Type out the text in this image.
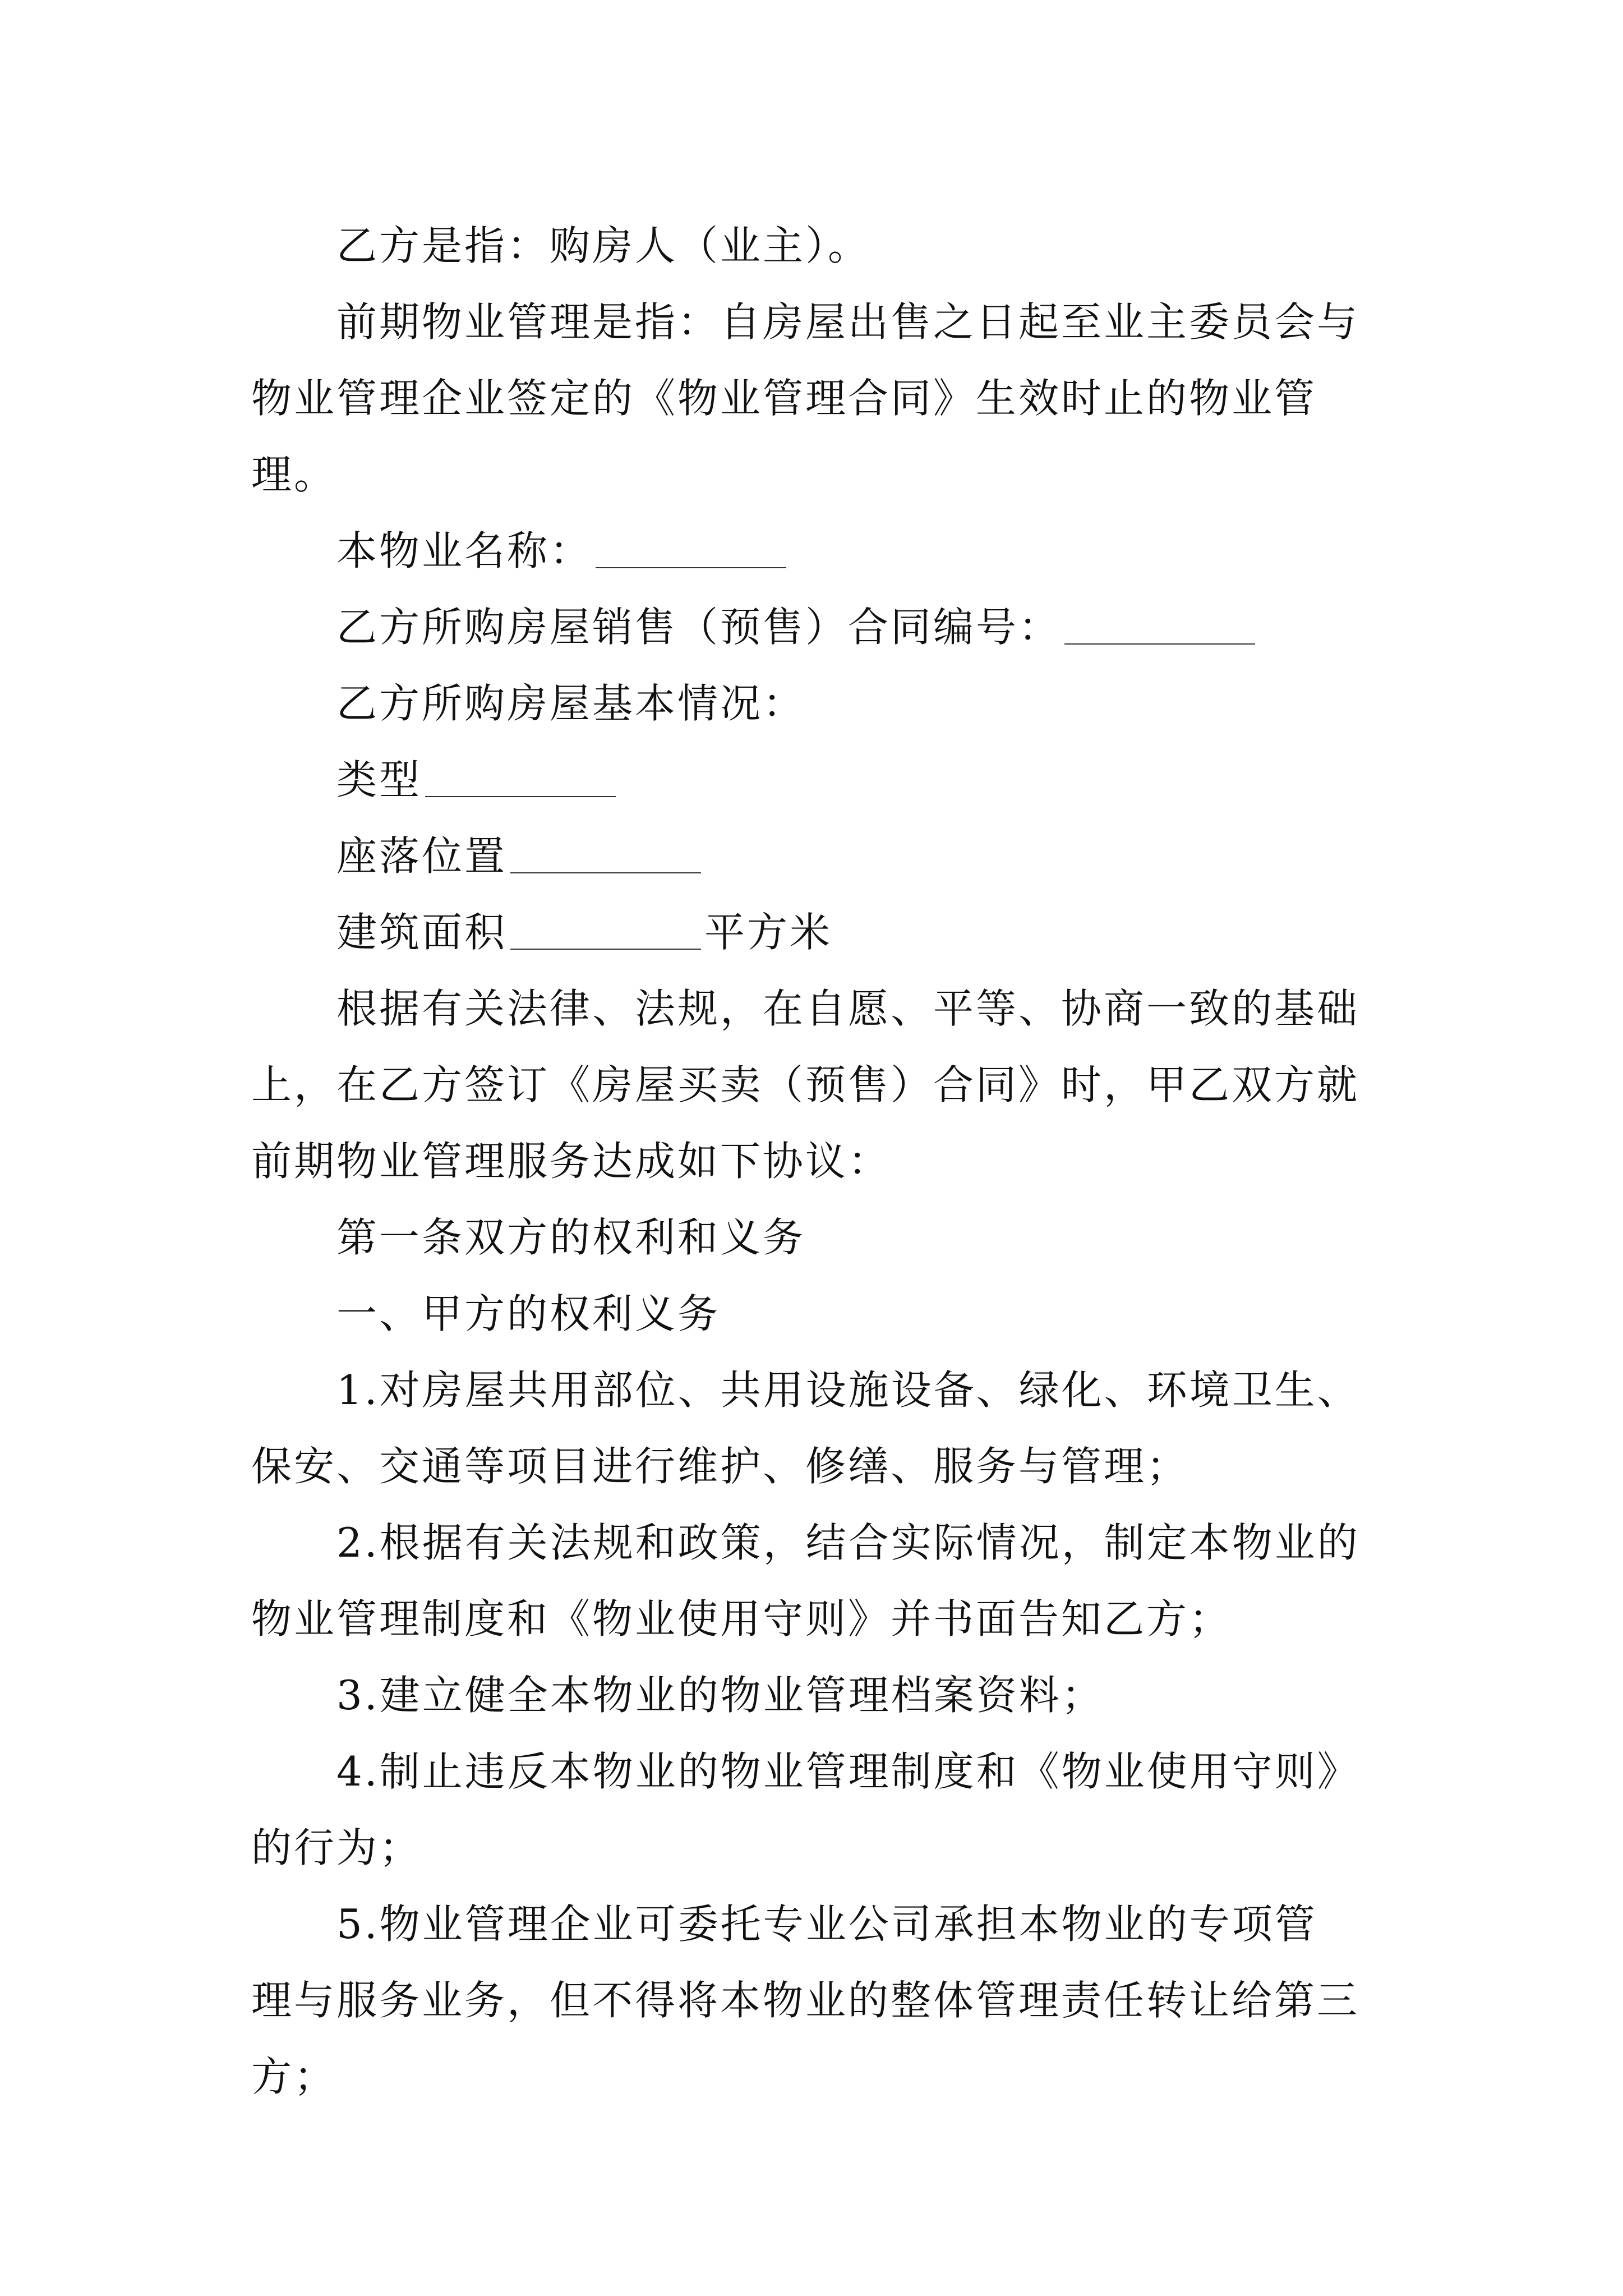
乙方是指：购房人（业主）。

前期物业管理是指：自房屋出售之日起至业主委员会与
物业管理企业签定的《物业管理合同》生效时止的物业管理。

本物业名称：

乙方所购房屋销售（预售）合同编号：

乙方所购房屋基本情况：

类型

座落位置

建筑面积	平方米

根据有关法律、法规，在自愿、平等、协商一致的基础
上，在乙方签订《房屋买卖（预售）合同》时，甲乙双方就
前期物业管理服务达成如下协议：

第一条双方的权利和义务

一、甲方的权利义务

1.对房屋共用部位、共用设施设备、绿化、环境卫生、
保安、交通等项目进行维护、修缮、服务与管理；

2.根据有关法规和政策，结合实际情况，制定本物业的
物业管理制度和《物业使用守则》并书面告知乙方；

3.建立健全本物业的物业管理档案资料；

4.制止违反本物业的物业管理制度和《物业使用守则》
的行为；

5.物业管理企业可委托专业公司承担本物业的专项管
理与服务业务，但不得将本物业的整体管理责任转让给第三
方；
